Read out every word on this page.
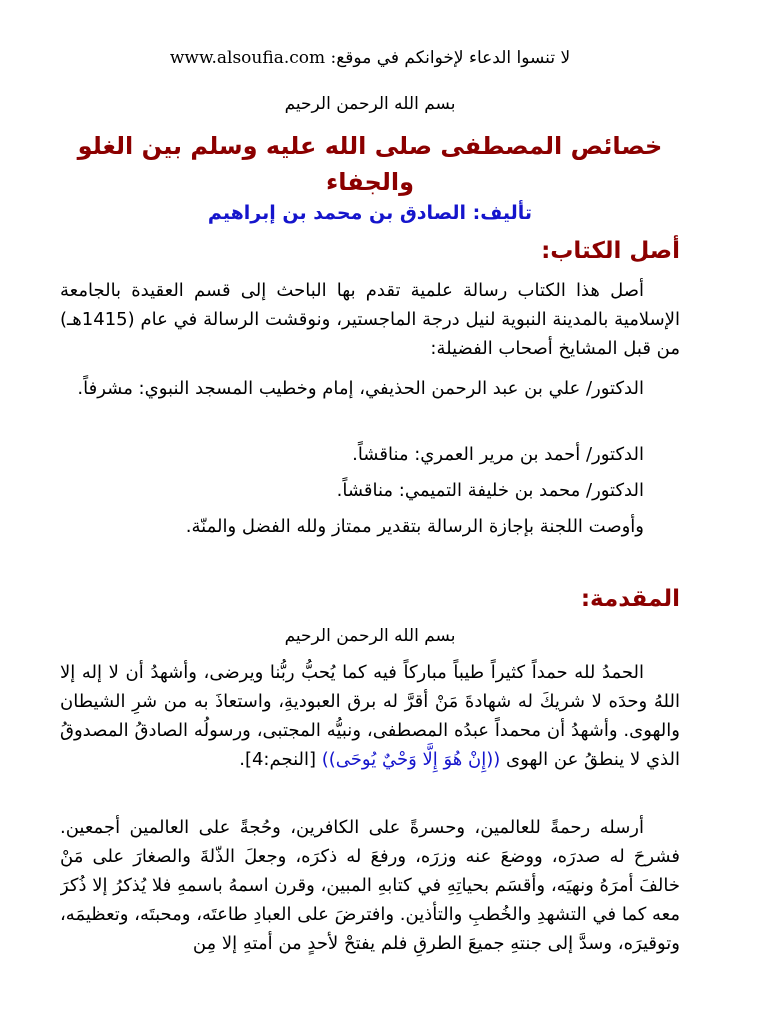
لا تنسوا الدعاء لإخوانكم في موقع: www.alsoufia.com
بسم الله الرحمن الرحيم
خصائص المصطفى صلى الله عليه وسلم بين الغلو والجفاء
تأليف: الصادق بن محمد بن إبراهيم
أصل الكتاب:
أصل هذا الكتاب رسالة علمية تقدم بها الباحث إلى قسم العقيدة بالجامعة الإسلامية بالمدينة النبوية لنيل درجة الماجستير، ونوقشت الرسالة في عام (1415هـ) من قبل المشايخ أصحاب الفضيلة:
الدكتور/ علي بن عبد الرحمن الحذيفي، إمام وخطيب المسجد النبوي: مشرفاً.
الدكتور/ أحمد بن مرير العمري: مناقشاً.
الدكتور/ محمد بن خليفة التميمي: مناقشاً.
وأوصت اللجنة بإجازة الرسالة بتقدير ممتاز ولله الفضل والمنّة.
المقدمة:
بسم الله الرحمن الرحيم
الحمدُ لله حمداً كثيراً طيباً مباركاً فيه كما يُحبُّ ربُّنا ويرضى، وأشهدُ أن لا إله إلا اللهُ وحدَه لا شريكَ له شهادةَ مَنْ أقرَّ له برق العبوديةِ، واستعاذَ به من شرِ الشيطان والهوى. وأشهدُ أن محمداً عبدُه المصطفى، ونبيُّه المجتبى، ورسولُه الصادقُ المصدوقُ الذي لا ينطقُ عن الهوى ((إِنْ هُوَ إِلَّا وَحْيٌ يُوحَى)) [النجم:4].
أرسله رحمةً للعالمين، وحسرةً على الكافرين، وحُجةً على العالمين أجمعين. فشرحَ له صدرَه، ووضعَ عنه وزرَه، ورفعَ له ذكرَه، وجعلَ الذّلةَ والصغارَ على مَنْ خالفَ أمرَهُ ونهيَه، وأقسَم بحياتِهِ في كتابهِ المبين، وقرن اسمهُ باسمهِ فلا يُذكرُ إلا ذُكرَ معه كما في التشهدِ والخُطبِ والتأذين. وافترضَ على العبادِ طاعتَه، ومحبتَه، وتعظيمَه، وتوقيرَه، وسدَّ إلى جنتهِ جميعَ الطرقِ فلم يفتحْ لأحدٍ من أمتهِ إلا مِن
